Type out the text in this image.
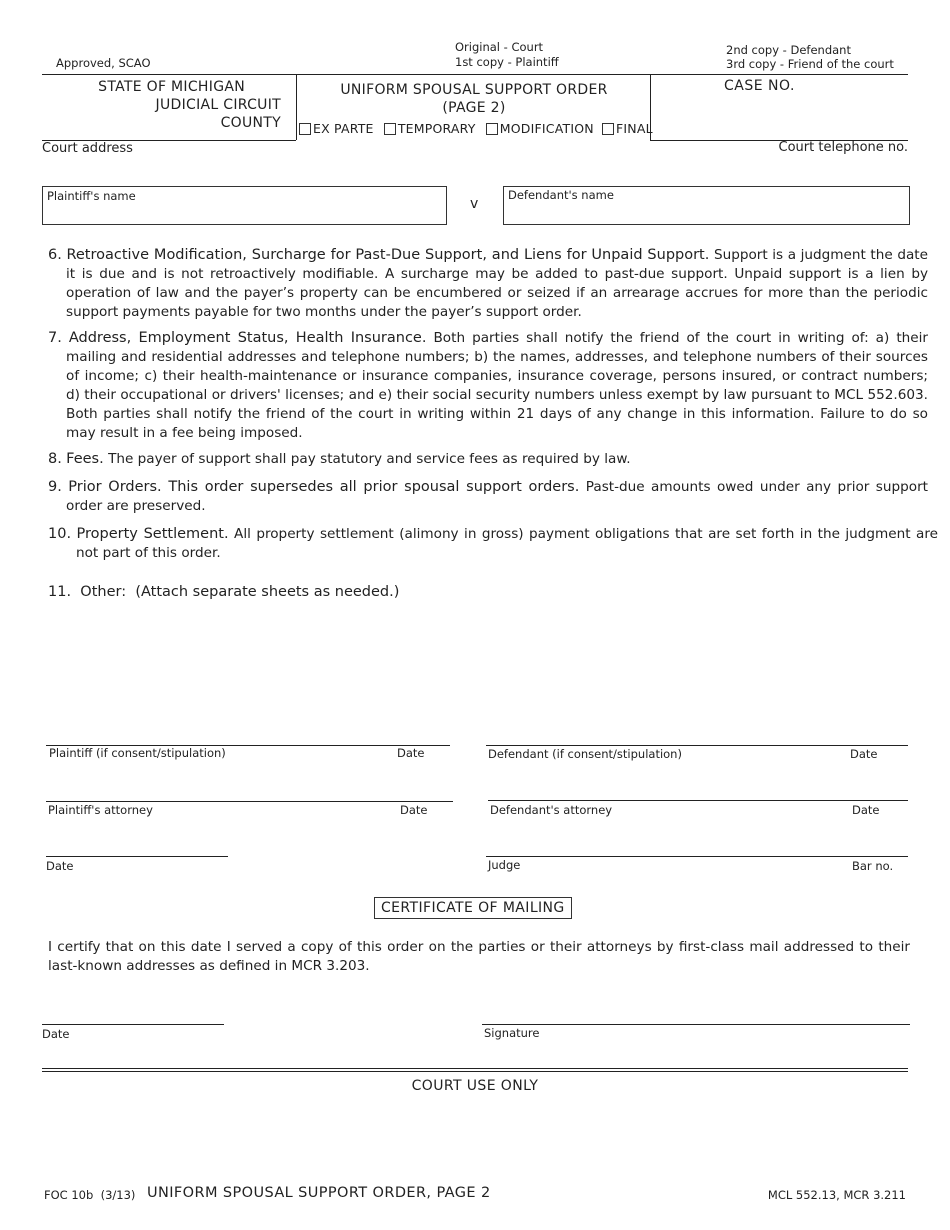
Approved, SCAO
Original - Court
1st copy - Plaintiff
2nd copy - Defendant
3rd copy - Friend of the court
STATE OF MICHIGAN
JUDICIAL CIRCUIT
COUNTY
UNIFORM SPOUSAL SUPPORT ORDER
(PAGE 2)
EX PARTE TEMPORARY MODIFICATION FINAL
CASE NO.
Court address	Court telephone no.
Plaintiff's name	v
Defendant's name
6. Retroactive Modification, Surcharge for Past-Due Support, and Liens for Unpaid Support. Support is a judgment the date it is due and is not retroactively modifiable. A surcharge may be added to past-due support. Unpaid support is a lien by operation of law and the payer’s property can be encumbered or seized if an arrearage accrues for more than the periodic support payments payable for two months under the payer’s support order.
7. Address, Employment Status, Health Insurance. Both parties shall notify the friend of the court in writing of: a) their mailing and residential addresses and telephone numbers; b) the names, addresses, and telephone numbers of their sources of income; c) their health-maintenance or insurance companies, insurance coverage, persons insured, or contract numbers; d) their occupational or drivers' licenses; and e) their social security numbers unless exempt by law pursuant to MCL 552.603. Both parties shall notify the friend of the court in writing within 21 days of any change in this information. Failure to do so may result in a fee being imposed.
8. Fees. The payer of support shall pay statutory and service fees as required by law.
9. Prior Orders. This order supersedes all prior spousal support orders. Past-due amounts owed under any prior support order are preserved.
10. Property Settlement. All property settlement (alimony in gross) payment obligations that are set forth in the judgment are not part of this order.
11. Other: (Attach separate sheets as needed.)
Plaintiff (if consent/stipulation)	Date	Defendant (if consent/stipulation)	Date
Plaintiff's attorney	Date	Defendant's attorney	Date
Date	Judge	Bar no.
CERTIFICATE OF MAILING
I certify that on this date I served a copy of this order on the parties or their attorneys by first-class mail addressed to their last-known addresses as defined in MCR 3.203.
Date	Signature
COURT USE ONLY
FOC 10b (3/13) UNIFORM SPOUSAL SUPPORT ORDER, PAGE 2	MCL 552.13, MCR 3.211
